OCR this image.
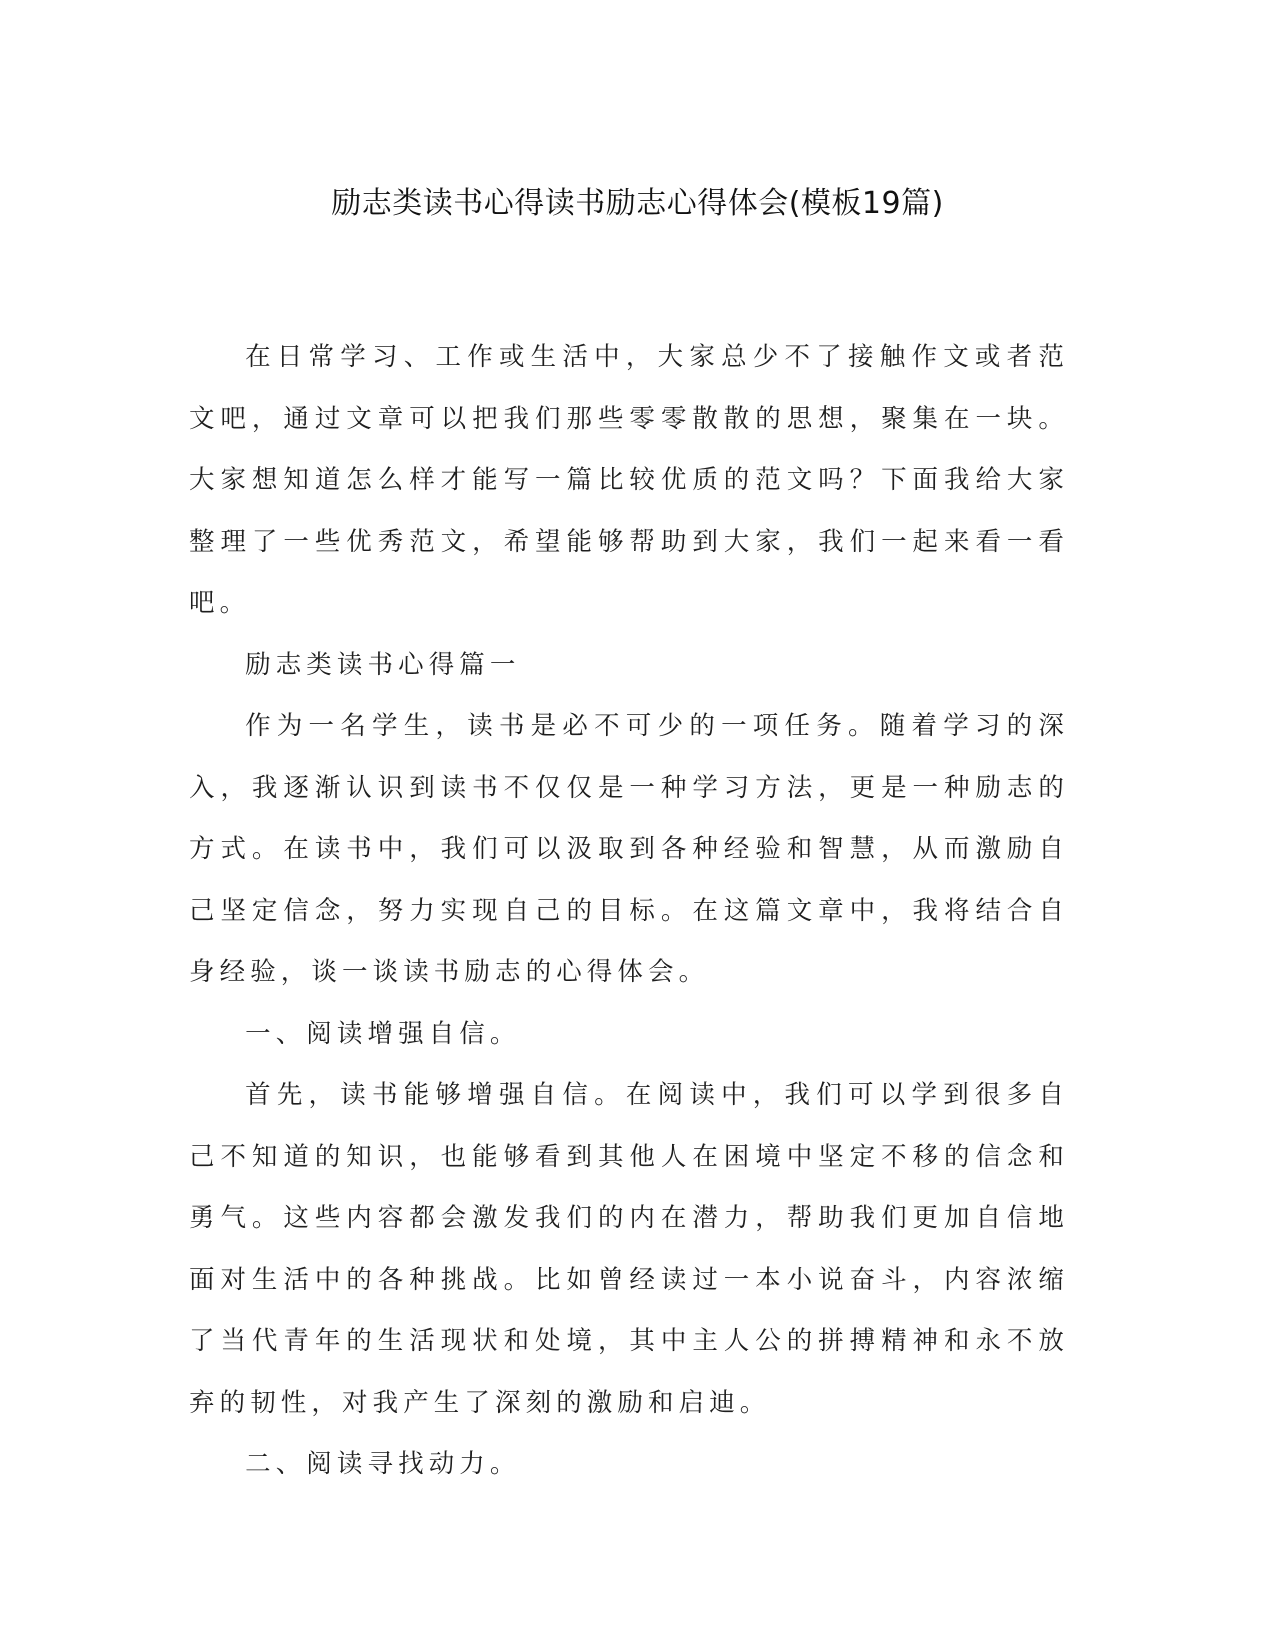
励志类读书心得读书励志心得体会(模板19篇)

在日常学习、工作或生活中，大家总少不了接触作文或者范文吧，通过文章可以把我们那些零零散散的思想，聚集在一块。大家想知道怎么样才能写一篇比较优质的范文吗？下面我给大家整理了一些优秀范文，希望能够帮助到大家，我们一起来看一看吧。

励志类读书心得篇一

作为一名学生，读书是必不可少的一项任务。随着学习的深入，我逐渐认识到读书不仅仅是一种学习方法，更是一种励志的方式。在读书中，我们可以汲取到各种经验和智慧，从而激励自己坚定信念，努力实现自己的目标。在这篇文章中，我将结合自身经验，谈一谈读书励志的心得体会。

一、阅读增强自信。

首先，读书能够增强自信。在阅读中，我们可以学到很多自己不知道的知识，也能够看到其他人在困境中坚定不移的信念和勇气。这些内容都会激发我们的内在潜力，帮助我们更加自信地面对生活中的各种挑战。比如曾经读过一本小说奋斗，内容浓缩了当代青年的生活现状和处境，其中主人公的拼搏精神和永不放弃的韧性，对我产生了深刻的激励和启迪。

二、阅读寻找动力。
